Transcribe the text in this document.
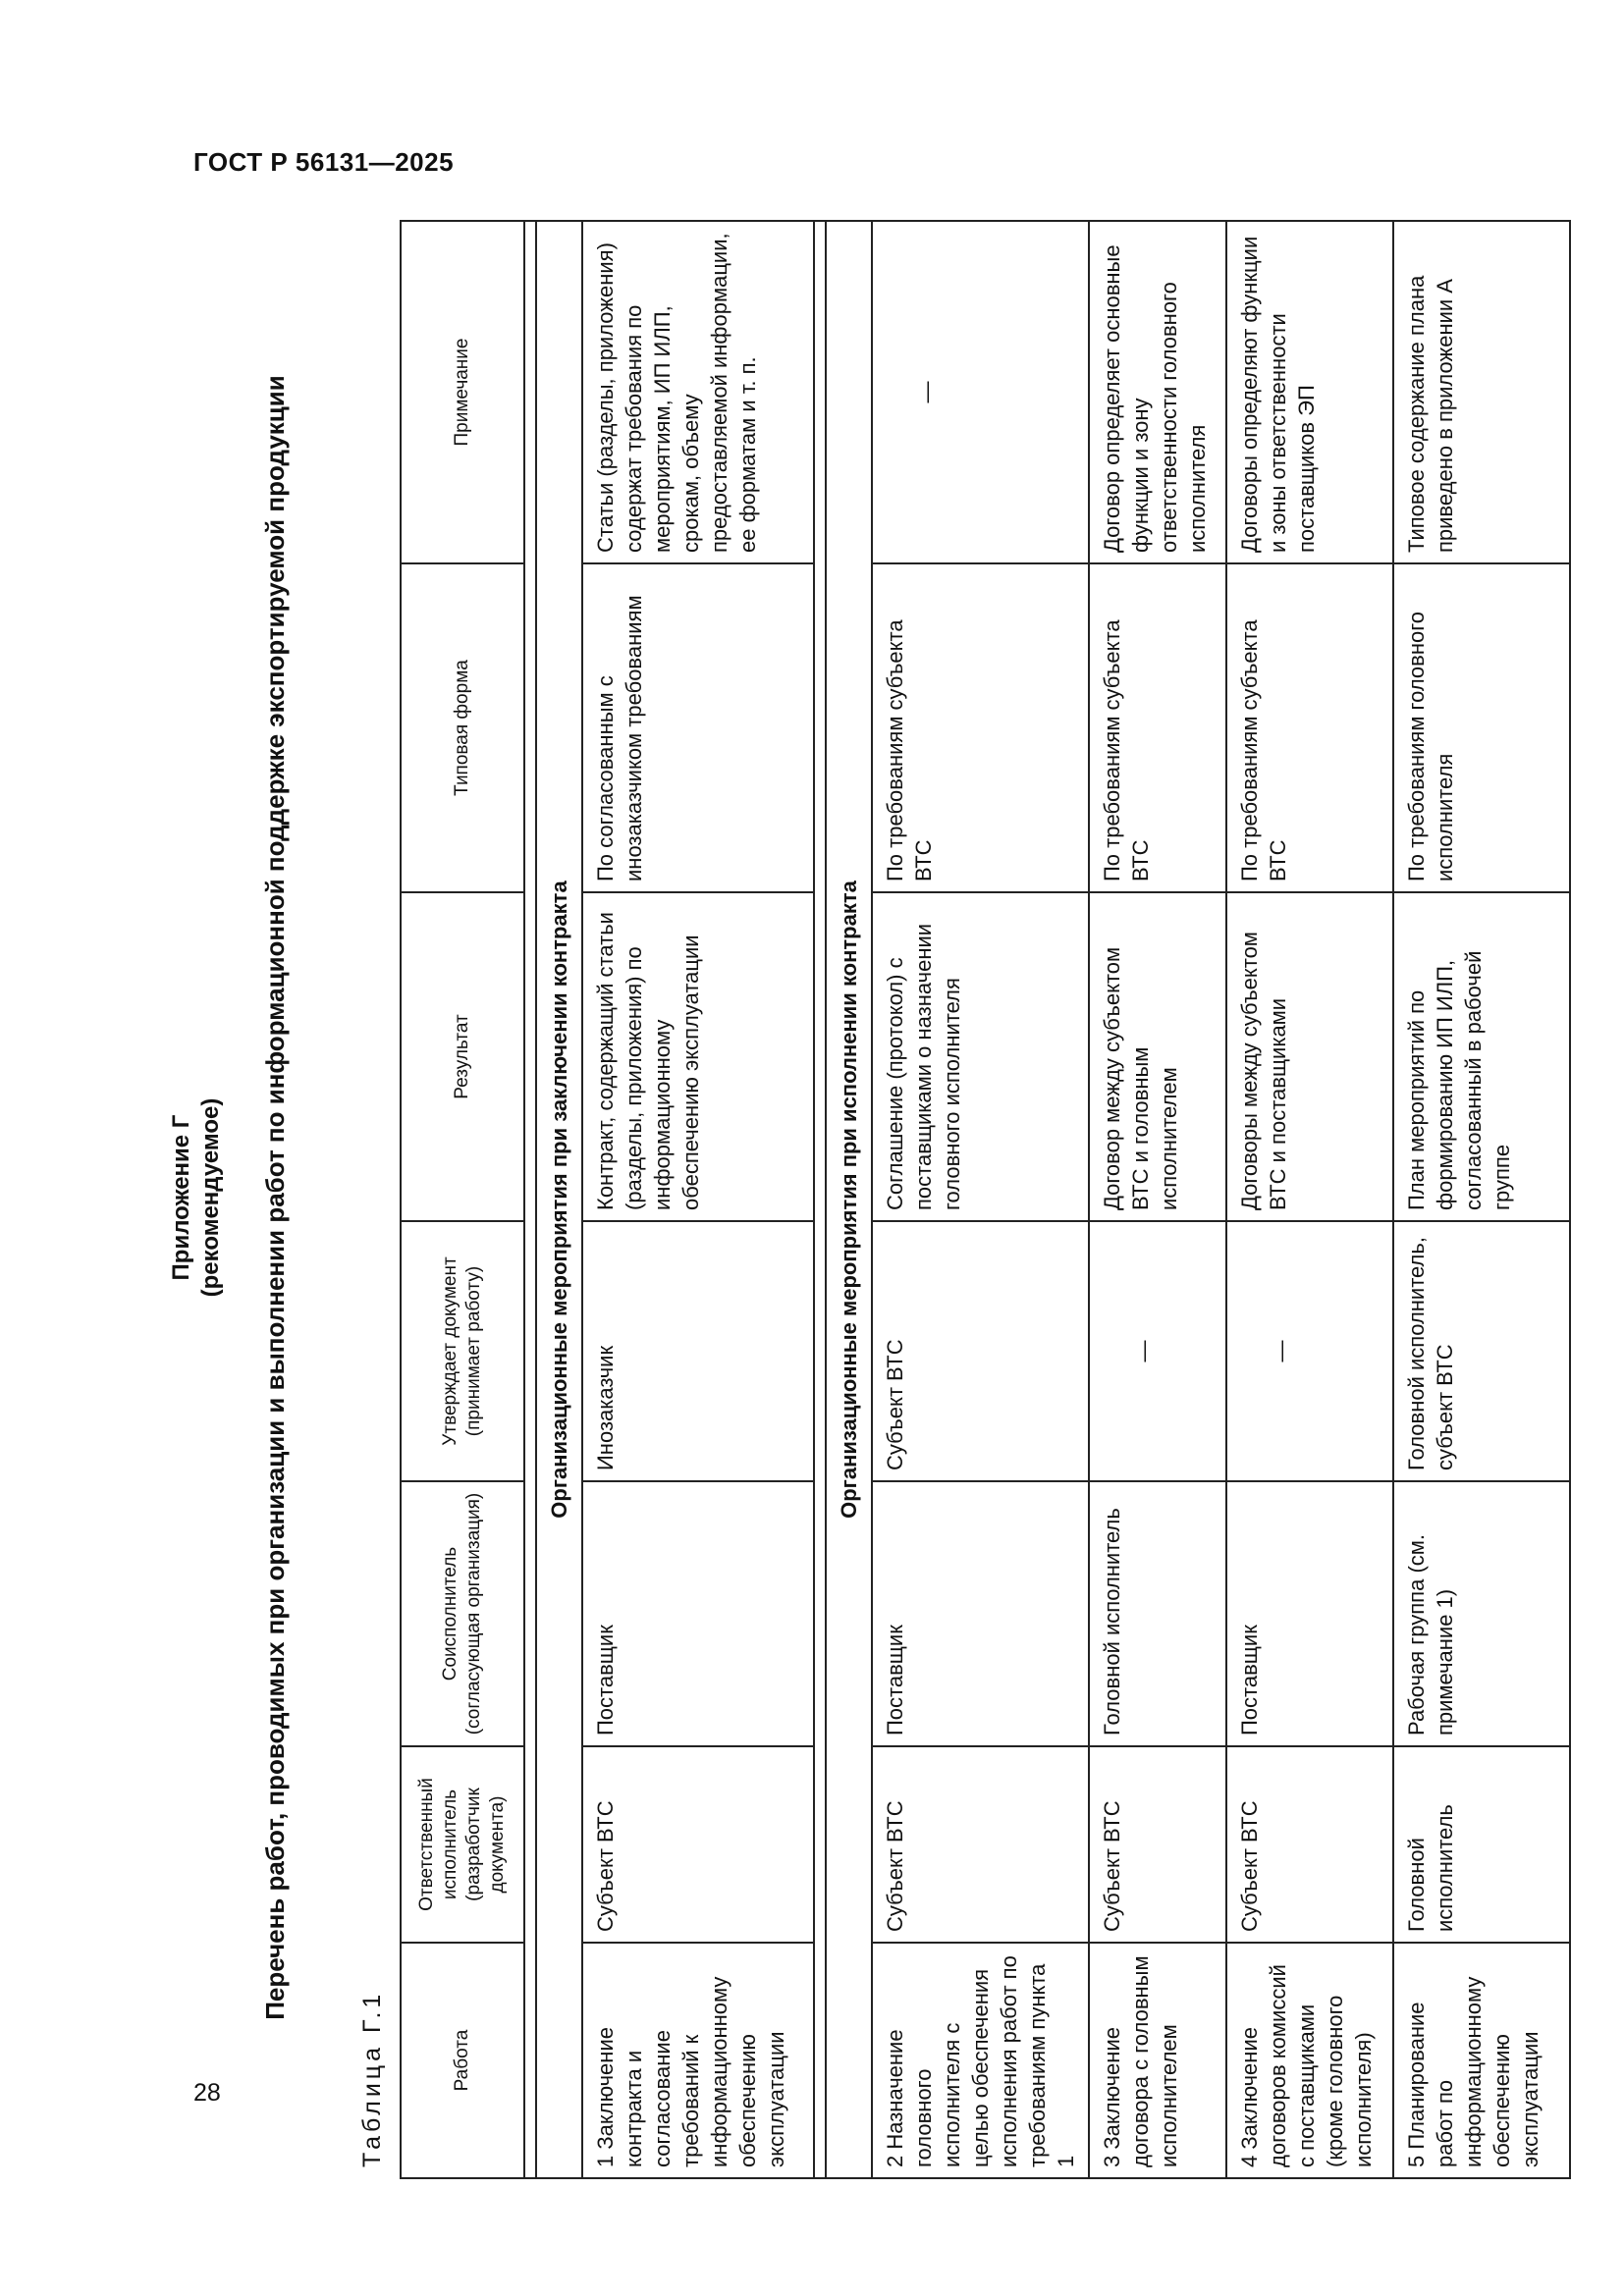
ГОСТ Р 56131—2025
Приложение Г (рекомендуемое) Перечень работ, проводимых при организации и выполнении работ по информационной поддержке экспортируемой продукции
Таблица Г.1	Работа	Ответственный исполнитель (разработчик документа)	Соисполнитель (согласующая организация)	Утверждает документ (принимает работу)	Результат	Типовая форма	Примечание

Организационные мероприятия при заключении контракта						
1 Заключение контракта и согласование требований к информационному обеспечению эксплуатации	Субъект ВТС	Поставщик	Инозаказчик	Контракт, содержащий статьи (разделы, приложения) по информационному обеспечению эксплуатации	По согласованным с инозаказчиком требованиям	Статьи (разделы, приложения) содержат требования по мероприятиям, ИП ИЛП, срокам, объему предоставляемой информации, ее форматам и т. п.

Организационные мероприятия при исполнении контракта						
2 Назначение головного исполнителя с целью обеспечения исполнения работ по требованиям пункта 1	Субъект ВТС	Поставщик	Субъект ВТС	Соглашение (протокол) с поставщиками о назначении головного исполнителя	По требованиям субъекта ВТС	—
3 Заключение договора с головным исполнителем	Субъект ВТС	Головной исполнитель	—	Договор между субъектом ВТС и головным исполнителем	По требованиям субъекта ВТС	Договор определяет основные функции и зону ответственности головного исполнителя
4 Заключение договоров комиссий с поставщиками (кроме головного исполнителя)	Субъект ВТС	Поставщик	—	Договоры между субъектом ВТС и поставщиками	По требованиям субъекта ВТС	Договоры определяют функции и зоны ответственности поставщиков ЭП
5 Планирование работ по информационному обеспечению эксплуатации	Головной исполнитель	Рабочая группа (см. примечание 1)	Головной исполнитель, субъект ВТС	План мероприятий по формированию ИП ИЛП, согласованный в рабочей группе	По требованиям головного исполнителя	Типовое содержание плана приведено в приложении А
28
